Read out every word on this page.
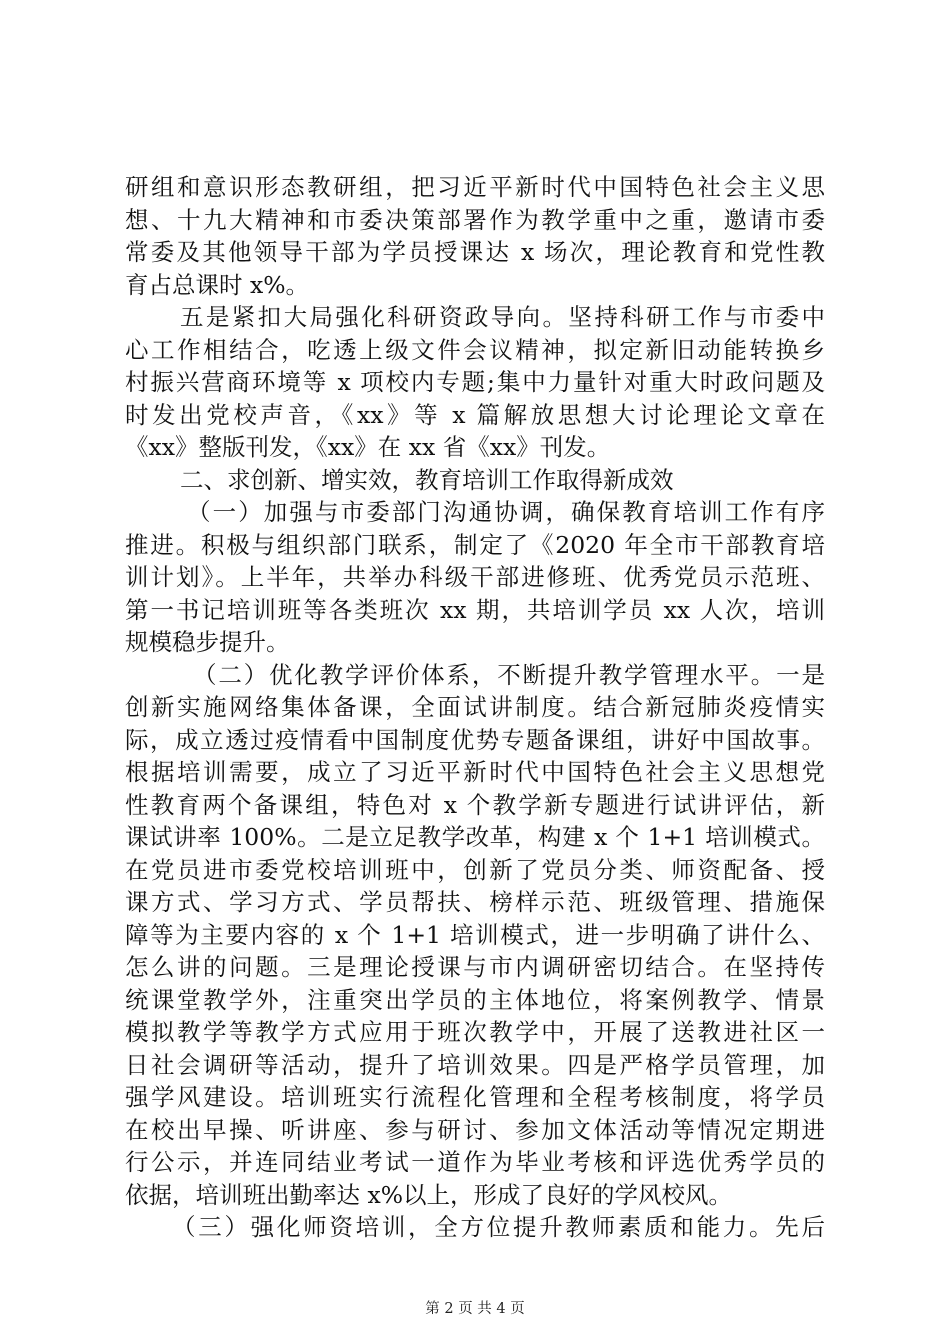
研组和意识形态教研组，把习近平新时代中国特色社会主义思
想、十九大精神和市委决策部署作为教学重中之重，邀请市委
常委及其他领导干部为学员授课达 x 场次，理论教育和党性教
育占总课时 x%。
五是紧扣大局强化科研资政导向。坚持科研工作与市委中
心工作相结合，吃透上级文件会议精神，拟定新旧动能转换乡
村振兴营商环境等 x 项校内专题;集中力量针对重大时政问题及
时发出党校声音，《xx》等 x 篇解放思想大讨论理论文章在
《xx》整版刊发，《xx》在 xx 省《xx》刊发。
二、求创新、增实效，教育培训工作取得新成效
（一）加强与市委部门沟通协调，确保教育培训工作有序
推进。积极与组织部门联系，制定了《2020 年全市干部教育培
训计划》。上半年，共举办科级干部进修班、优秀党员示范班、
第一书记培训班等各类班次 xx 期，共培训学员 xx 人次，培训
规模稳步提升。
（二）优化教学评价体系，不断提升教学管理水平。一是
创新实施网络集体备课，全面试讲制度。结合新冠肺炎疫情实
际，成立透过疫情看中国制度优势专题备课组，讲好中国故事。
根据培训需要，成立了习近平新时代中国特色社会主义思想党
性教育两个备课组，特色对 x 个教学新专题进行试讲评估，新
课试讲率 100%。二是立足教学改革，构建 x 个 1+1 培训模式。
在党员进市委党校培训班中，创新了党员分类、师资配备、授
课方式、学习方式、学员帮扶、榜样示范、班级管理、措施保
障等为主要内容的 x 个 1+1 培训模式，进一步明确了讲什么、
怎么讲的问题。三是理论授课与市内调研密切结合。在坚持传
统课堂教学外，注重突出学员的主体地位，将案例教学、情景
模拟教学等教学方式应用于班次教学中，开展了送教进社区一
日社会调研等活动，提升了培训效果。四是严格学员管理，加
强学风建设。培训班实行流程化管理和全程考核制度，将学员
在校出早操、听讲座、参与研讨、参加文体活动等情况定期进
行公示，并连同结业考试一道作为毕业考核和评选优秀学员的
依据，培训班出勤率达 x%以上，形成了良好的学风校风。
（三）强化师资培训，全方位提升教师素质和能力。先后
第 2 页 共 4 页
